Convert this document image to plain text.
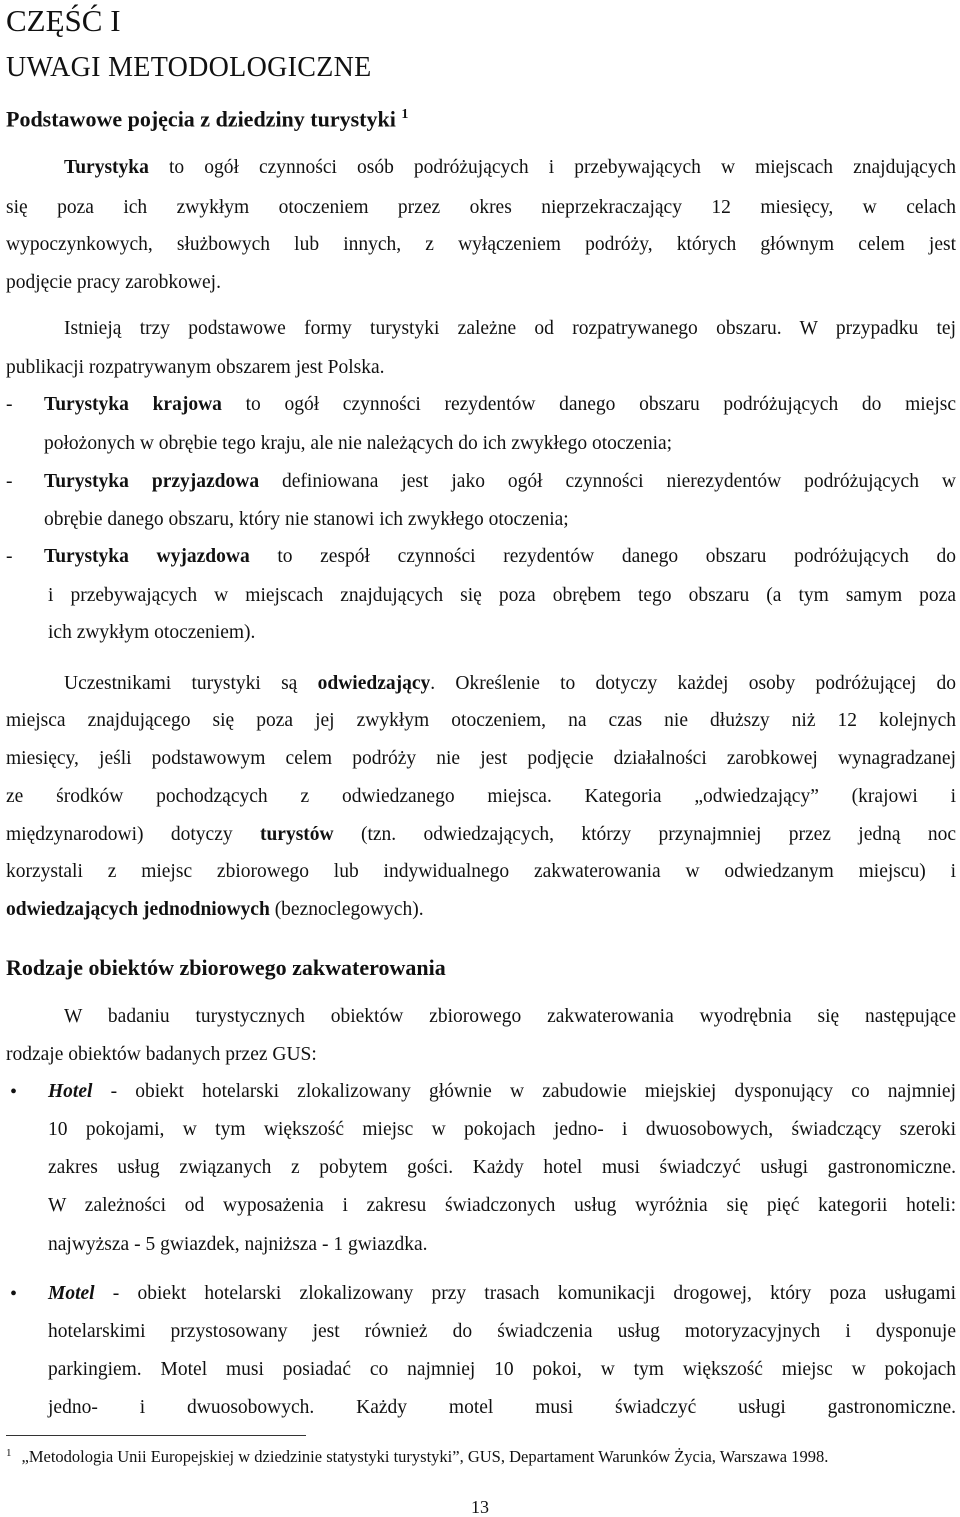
CZĘŚĆ I
UWAGI METODOLOGICZNE
Podstawowe pojęcia z dziedziny turystyki $^1$
Turystyka to ogół czynności osób podróżujących i przebywających w miejscach znajdujących
się poza ich zwykłym otoczeniem przez okres nieprzekraczający 12 miesięcy, w celach
wypoczynkowych, służbowych lub innych, z wyłączeniem podróży, których głównym celem jest
podjęcie pracy zarobkowej.
Istnieją trzy podstawowe formy turystyki zależne od rozpatrywanego obszaru. W przypadku tej
publikacji rozpatrywanym obszarem jest Polska.
- Turystyka krajowa to ogół czynności rezydentów danego obszaru podróżujących do miejsc
położonych w obrębie tego kraju, ale nie należących do ich zwykłego otoczenia;
- Turystyka przyjazdowa definiowana jest jako ogół czynności nierezydentów podróżujących w
obrębie danego obszaru, który nie stanowi ich zwykłego otoczenia;
- Turystyka wyjazdowa to zespół czynności rezydentów danego obszaru podróżujących do
i przebywających w miejscach znajdujących się poza obrębem tego obszaru (a tym samym poza
ich zwykłym otoczeniem).
Uczestnikami turystyki są odwiedzający. Określenie to dotyczy każdej osoby podróżującej do
miejsca znajdującego się poza jej zwykłym otoczeniem, na czas nie dłuższy niż 12 kolejnych
miesięcy, jeśli podstawowym celem podróży nie jest podjęcie działalności zarobkowej wynagradzanej
ze środków pochodzących z odwiedzanego miejsca. Kategoria „odwiedzający” (krajowi i
międzynarodowi) dotyczy turystów (tzn. odwiedzających, którzy przynajmniej przez jedną noc
korzystali z miejsc zbiorowego lub indywidualnego zakwaterowania w odwiedzanym miejscu) i
odwiedzających jednodniowych (beznoclegowych).
Rodzaje obiektów zbiorowego zakwaterowania
W badaniu turystycznych obiektów zbiorowego zakwaterowania wyodrębnia się następujące
rodzaje obiektów badanych przez GUS:
• Hotel - obiekt hotelarski zlokalizowany głównie w zabudowie miejskiej dysponujący co najmniej
10 pokojami, w tym większość miejsc w pokojach jedno- i dwuosobowych, świadczący szeroki
zakres usług związanych z pobytem gości. Każdy hotel musi świadczyć usługi gastronomiczne.
W zależności od wyposażenia i zakresu świadczonych usług wyróżnia się pięć kategorii hoteli:
najwyższa - 5 gwiazdek, najniższa - 1 gwiazdka.
• Motel - obiekt hotelarski zlokalizowany przy trasach komunikacji drogowej, który poza usługami
hotelarskimi przystosowany jest również do świadczenia usług motoryzacyjnych i dysponuje
parkingiem. Motel musi posiadać co najmniej 10 pokoi, w tym większość miejsc w pokojach
jedno- i dwuosobowych. Każdy motel musi świadczyć usługi gastronomiczne.
$^1$ „Metodologia Unii Europejskiej w dziedzinie statystyki turystyki”, GUS, Departament Warunków Życia, Warszawa 1998.
13
